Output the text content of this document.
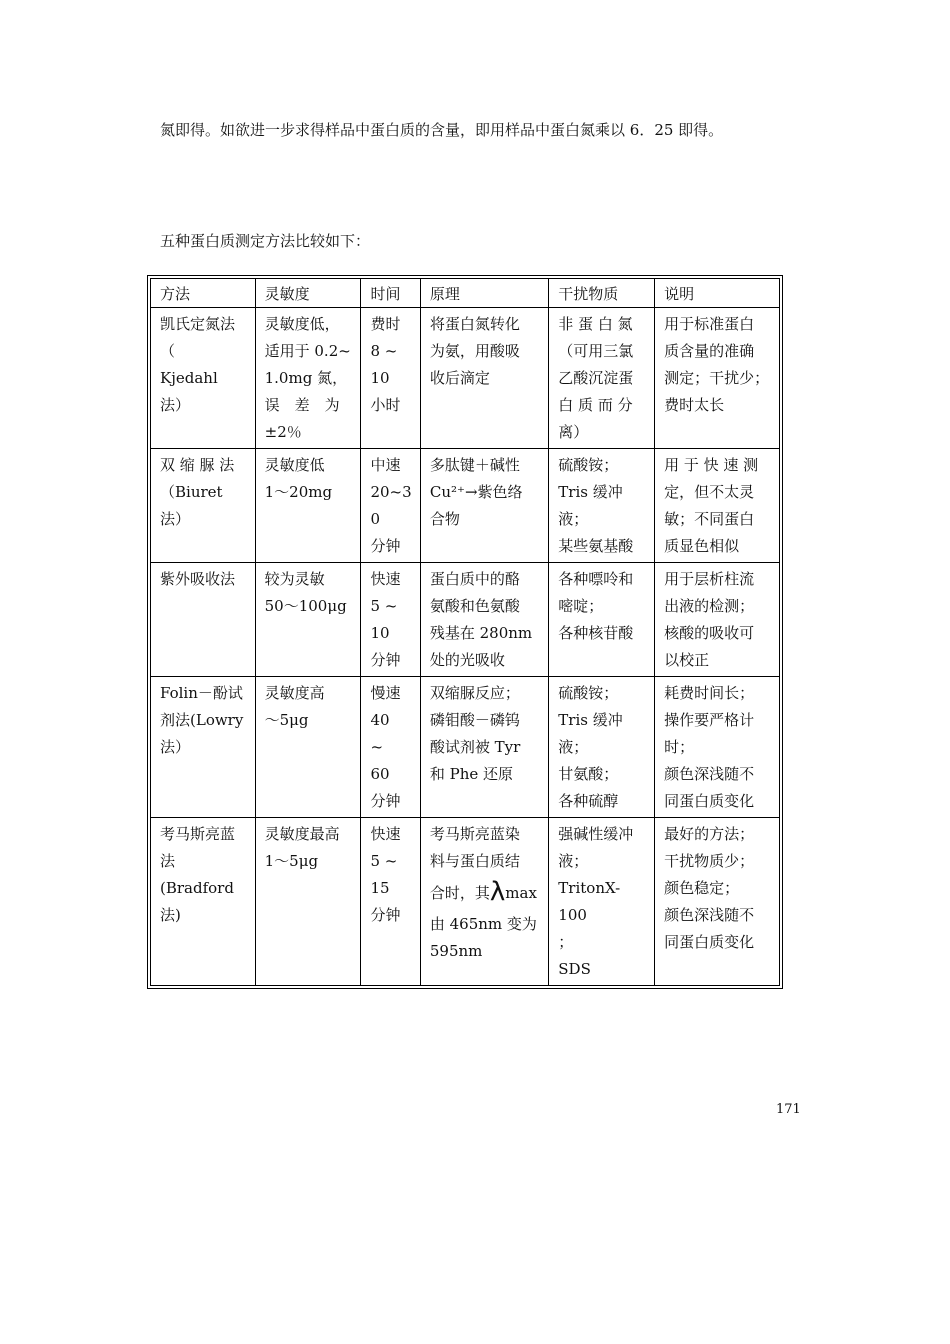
氮即得。如欲进一步求得样品中蛋白质的含量，即用样品中蛋白氮乘以 6．25 即得。

五种蛋白质测定方法比较如下：

方法	灵敏度	时间	原理	干扰物质	说明

凯氏定氮法
（　Kjedahl
法）	灵敏度低，
适用于 0.2~
1.0mg 氮，
误　差　为
±2％	费时
8 ~ 10
小时	将蛋白氮转化
为氨，用酸吸
收后滴定	非 蛋 白 氮
（可用三氯
乙酸沉淀蛋
白 质 而 分
离）	用于标准蛋白
质含量的准确
测定；干扰少；
费时太长

双 缩 脲 法
（Biuret 法）	灵敏度低
1～20mg	中速
20~30
分钟	多肽键＋碱性
Cu²⁺→紫色络
合物	硫酸铵；
Tris 缓冲液；
某些氨基酸	用 于 快 速 测
定，但不太灵
敏；不同蛋白
质显色相似

紫外吸收法	较为灵敏
50～100μg	快速
5 ~ 10
分钟	蛋白质中的酪
氨酸和色氨酸
残基在 280nm
处的光吸收	各种嘌呤和
嘧啶；
各种核苷酸	用于层析柱流
出液的检测；
核酸的吸收可
以校正

Folin－酚试
剂法(Lowry
法）	灵敏度高
～5μg	慢速
40　~
60
分钟	双缩脲反应；
磷钼酸－磷钨
酸试剂被 Tyr
和 Phe 还原	硫酸铵；
Tris 缓冲液；
甘氨酸；
各种硫醇	耗费时间长；
操作要严格计
时；
颜色深浅随不
同蛋白质变化

考马斯亮蓝
法 (Bradford
法)	灵敏度最高
1～5μg	快速
5 ~ 15
分钟	考马斯亮蓝染
料与蛋白质结
合时，其λmax
由 465nm 变为
595nm	强碱性缓冲
液；
TritonX-100
；
SDS	最好的方法；
干扰物质少；
颜色稳定；
颜色深浅随不
同蛋白质变化
171
